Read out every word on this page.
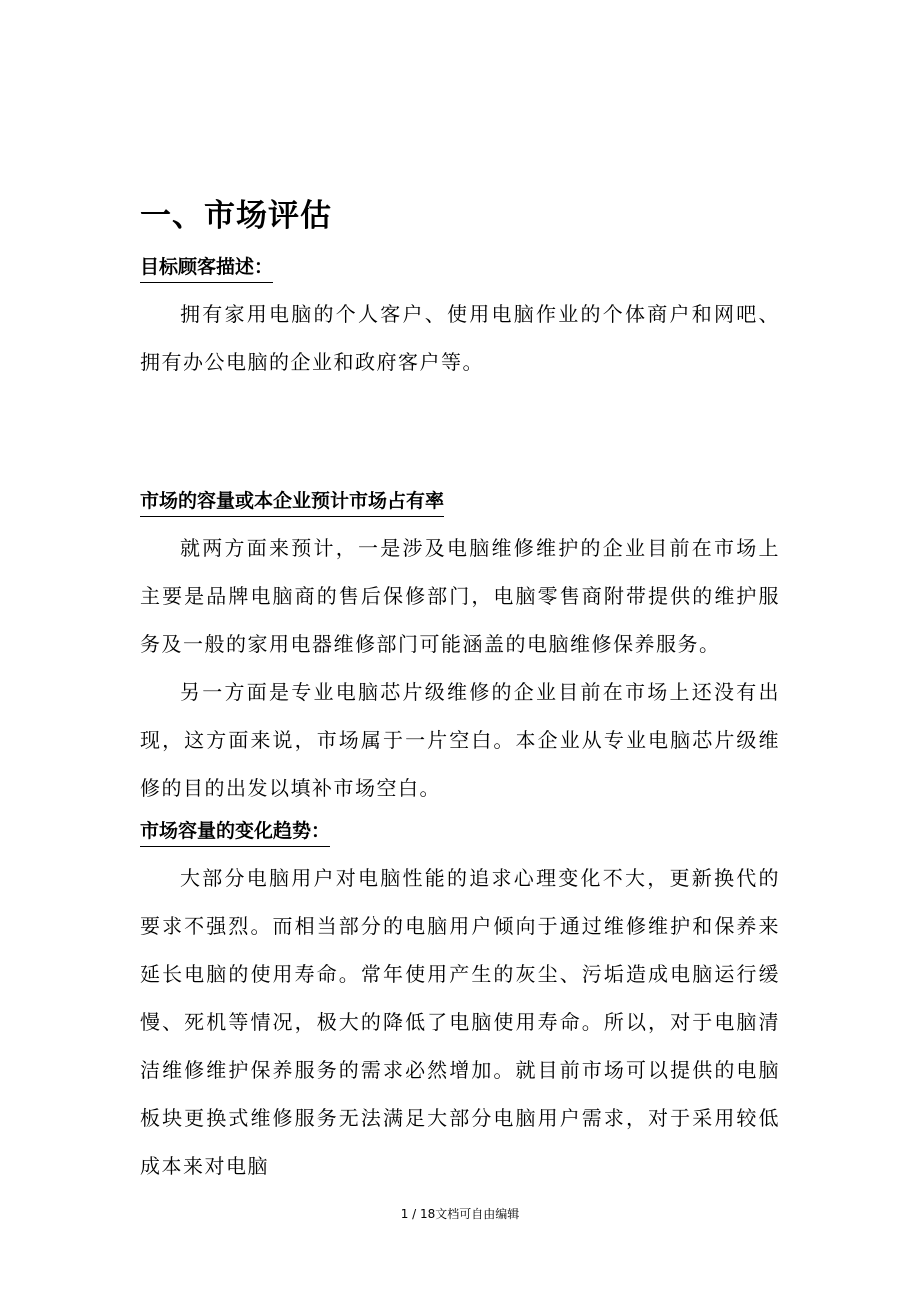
一、市场评估
目标顾客描述：

拥有家用电脑的个人客户、使用电脑作业的个体商户和网吧、拥有办公电脑的企业和政府客户等。

市场的容量或本企业预计市场占有率

就两方面来预计，一是涉及电脑维修维护的企业目前在市场上主要是品牌电脑商的售后保修部门，电脑零售商附带提供的维护服务及一般的家用电器维修部门可能涵盖的电脑维修保养服务。

另一方面是专业电脑芯片级维修的企业目前在市场上还没有出现，这方面来说，市场属于一片空白。本企业从专业电脑芯片级维修的目的出发以填补市场空白。

市场容量的变化趋势：

大部分电脑用户对电脑性能的追求心理变化不大，更新换代的要求不强烈。而相当部分的电脑用户倾向于通过维修维护和保养来延长电脑的使用寿命。常年使用产生的灰尘、污垢造成电脑运行缓慢、死机等情况，极大的降低了电脑使用寿命。所以，对于电脑清洁维修维护保养服务的需求必然增加。就目前市场可以提供的电脑板块更换式维修服务无法满足大部分电脑用户需求，对于采用较低成本来对电脑

1 / 18文档可自由编辑
